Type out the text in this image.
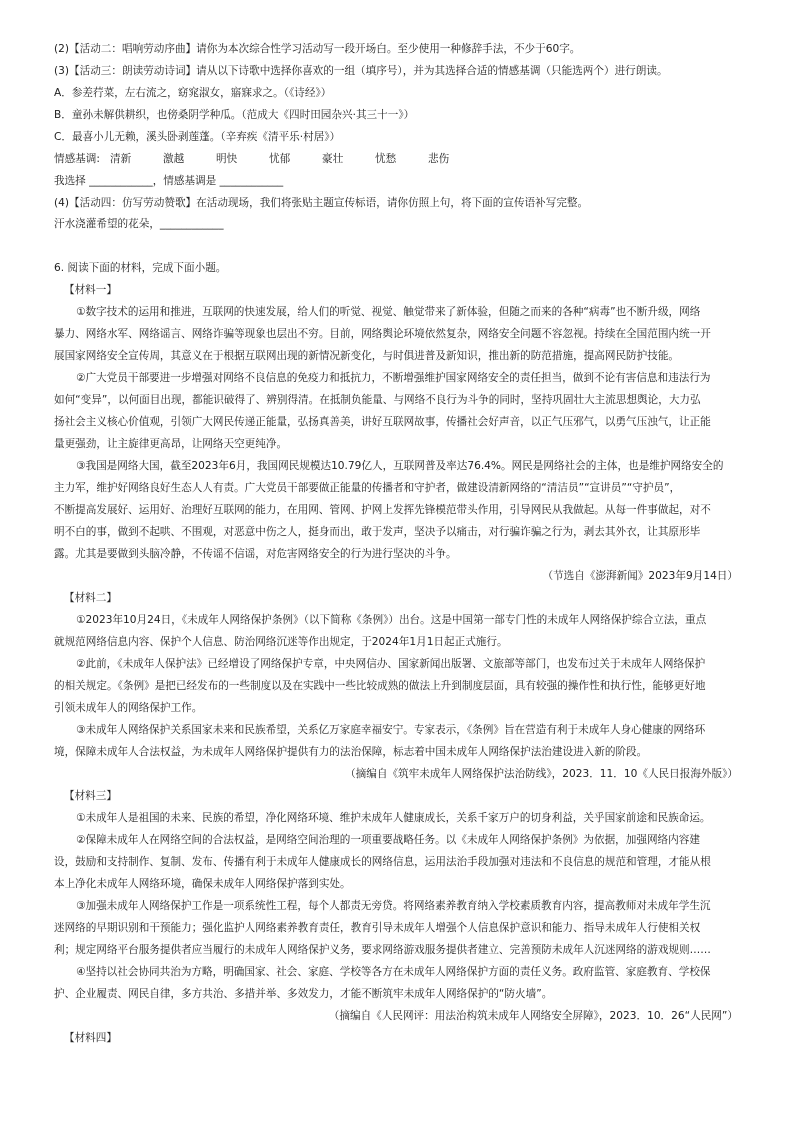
(2)【活动二：唱响劳动序曲】请你为本次综合性学习活动写一段开场白。至少使用一种修辞手法，不少于60字。
(3)【活动三：朗读劳动诗词】请从以下诗歌中选择你喜欢的一组（填序号），并为其选择合适的情感基调（只能选两个）进行朗读。
A．参差荇菜，左右流之，窈窕淑女，寤寐求之。（《诗经》）
B．童孙未解供耕织，也傍桑阴学种瓜。（范成大《四时田园杂兴·其三十一》）
C．最喜小儿无赖，溪头卧剥莲蓬。（辛弃疾《清平乐·村居》）
情感基调: 清新	激越	明快	忧郁	豪壮	忧愁	悲伤
我选择 ____________，情感基调是 ____________
(4)【活动四：仿写劳动赞歌】在活动现场，我们将张贴主题宣传标语，请你仿照上句，将下面的宣传语补写完整。
汗水浇灌希望的花朵，____________
6. 阅读下面的材料，完成下面小题。
【材料一】
①数字技术的运用和推进，互联网的快速发展，给人们的听觉、视觉、触觉带来了新体验，但随之而来的各种“病毒”也不断升级，网络
暴力、网络水军、网络谣言、网络诈骗等现象也层出不穷。目前，网络舆论环境依然复杂，网络安全问题不容忽视。持续在全国范围内统一开
展国家网络安全宣传周，其意义在于根据互联网出现的新情况新变化，与时俱进普及新知识，推出新的防范措施，提高网民防护技能。
②广大党员干部要进一步增强对网络不良信息的免疫力和抵抗力，不断增强维护国家网络安全的责任担当，做到不论有害信息和违法行为
如何“变异”，以何面目出现，都能识破得了、辨别得清。在抵制负能量、与网络不良行为斗争的同时，坚持巩固壮大主流思想舆论，大力弘
扬社会主义核心价值观，引领广大网民传递正能量，弘扬真善美，讲好互联网故事，传播社会好声音，以正气压邪气，以勇气压浊气，让正能
量更强劲，让主旋律更高昂，让网络天空更纯净。
③我国是网络大国，截至2023年6月，我国网民规模达10.79亿人，互联网普及率达76.4%。网民是网络社会的主体，也是维护网络安全的
主力军，维护好网络良好生态人人有责。广大党员干部要做正能量的传播者和守护者，做建设清新网络的“清洁员”“宣讲员”“守护员”，
不断提高发展好、运用好、治理好互联网的能力，在用网、管网、护网上发挥先锋模范带头作用，引导网民从我做起。从每一件事做起，对不
明不白的事，做到不起哄、不围观，对恶意中伤之人，挺身而出，敢于发声，坚决予以痛击，对行骗诈骗之行为，剥去其外衣，让其原形毕
露。尤其是要做到头脑冷静，不传谣不信谣，对危害网络安全的行为进行坚决的斗争。
（节选自《澎湃新闻》2023年9月14日）
【材料二】
①2023年10月24日，《未成年人网络保护条例》（以下简称《条例》）出台。这是中国第一部专门性的未成年人网络保护综合立法，重点
就规范网络信息内容、保护个人信息、防治网络沉迷等作出规定，于2024年1月1日起正式施行。
②此前，《未成年人保护法》已经增设了网络保护专章，中央网信办、国家新闻出版署、文旅部等部门，也发布过关于未成年人网络保护
的相关规定。《条例》是把已经发布的一些制度以及在实践中一些比较成熟的做法上升到制度层面，具有较强的操作性和执行性，能够更好地
引领未成年人的网络保护工作。
③未成年人网络保护关系国家未来和民族希望，关系亿万家庭幸福安宁。专家表示，《条例》旨在营造有利于未成年人身心健康的网络环
境，保障未成年人合法权益，为未成年人网络保护提供有力的法治保障，标志着中国未成年人网络保护法治建设进入新的阶段。
（摘编自《筑牢未成年人网络保护法治防线》，2023．11．10《人民日报海外版》）
【材料三】
①未成年人是祖国的未来、民族的希望，净化网络环境、维护未成年人健康成长，关系千家万户的切身利益，关乎国家前途和民族命运。
②保障未成年人在网络空间的合法权益，是网络空间治理的一项重要战略任务。以《未成年人网络保护条例》为依据，加强网络内容建
设，鼓励和支持制作、复制、发布、传播有利于未成年人健康成长的网络信息，运用法治手段加强对违法和不良信息的规范和管理，才能从根
本上净化未成年人网络环境，确保未成年人网络保护落到实处。
③加强未成年人网络保护工作是一项系统性工程，每个人都责无旁贷。将网络素养教育纳入学校素质教育内容，提高教师对未成年学生沉
迷网络的早期识别和干预能力；强化监护人网络素养教育责任，教育引导未成年人增强个人信息保护意识和能力、指导未成年人行使相关权
利；规定网络平台服务提供者应当履行的未成年人网络保护义务，要求网络游戏服务提供者建立、完善预防未成年人沉迷网络的游戏规则……
④坚持以社会协同共治为方略，明确国家、社会、家庭、学校等各方在未成年人网络保护方面的责任义务。政府监管、家庭教育、学校保
护、企业履责、网民自律，多方共治、多措并举、多效发力，才能不断筑牢未成年人网络保护的“防火墙”。
（摘编自《人民网评：用法治构筑未成年人网络安全屏障》，2023．10．26“人民网”）
【材料四】
